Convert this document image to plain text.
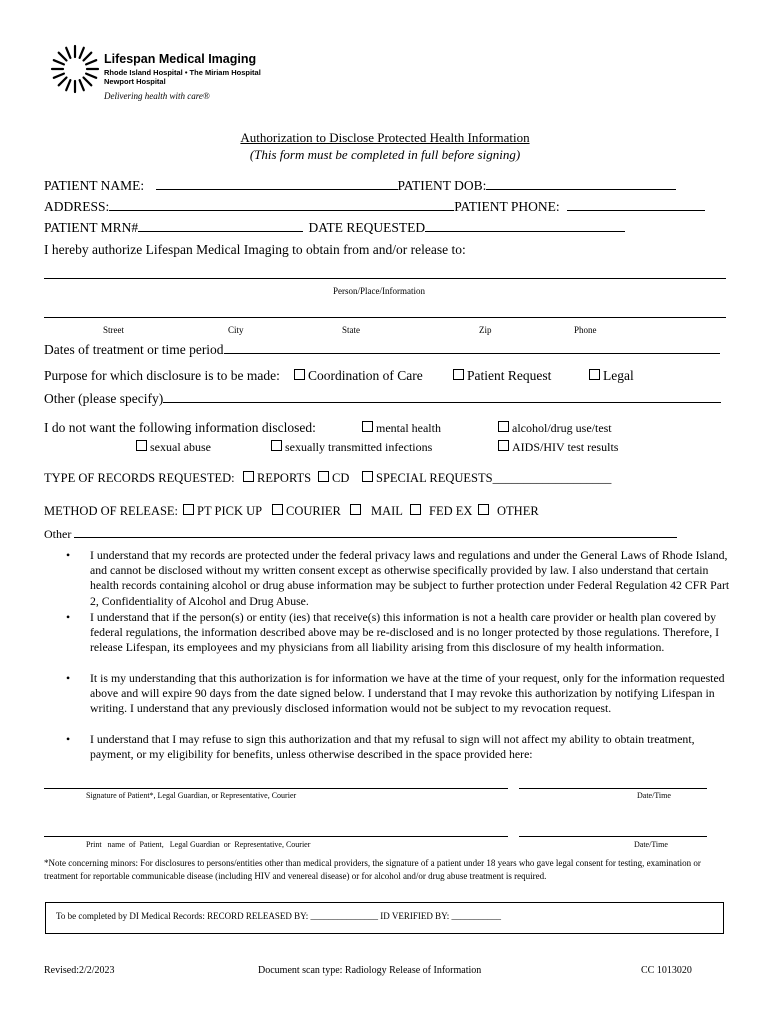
Lifespan Medical Imaging
Rhode Island Hospital • The Miriam Hospital
Newport Hospital
Delivering health with care®
Authorization to Disclose Protected Health Information
(This form must be completed in full before signing)
PATIENT NAME:	PATIENT DOB:
ADDRESS:	PATIENT PHONE:
PATIENT MRN#	DATE REQUESTED
I hereby authorize Lifespan Medical Imaging to obtain from and/or release to:
Person/Place/Information
Street	City	State	Zip	Phone
Dates of treatment or time period
Purpose for which disclosure is to be made:	Coordination of Care	Patient Request	Legal
Other (please specify)
I do not want the following information disclosed:	mental health	alcohol/drug use/test
sexual abuse	sexually transmitted infections	AIDS/HIV test results
TYPE OF RECORDS REQUESTED:	REPORTS	CD	SPECIAL REQUESTS___________________
METHOD OF RELEASE:	PT PICK UP	COURIER	MAIL	FED EX	OTHER
Other
• I understand that my records are protected under the federal privacy laws and regulations and under the General Laws of Rhode Island, and cannot be disclosed without my written consent except as otherwise specifically provided by law. I also understand that certain health records containing alcohol or drug abuse information may be subject to further protection under Federal Regulation 42 CFR Part 2, Confidentiality of Alcohol and Drug Abuse.
• I understand that if the person(s) or entity (ies) that receive(s) this information is not a health care provider or health plan covered by federal regulations, the information described above may be re-disclosed and is no longer protected by those regulations. Therefore, I release Lifespan, its employees and my physicians from all liability arising from this disclosure of my health information.
• It is my understanding that this authorization is for information we have at the time of your request, only for the information requested above and will expire 90 days from the date signed below. I understand that I may revoke this authorization by notifying Lifespan in writing. I understand that any previously disclosed information would not be subject to my revocation request.
• I understand that I may refuse to sign this authorization and that my refusal to sign will not affect my ability to obtain treatment, payment, or my eligibility for benefits, unless otherwise described in the space provided here:
Signature of Patient*, Legal Guardian, or Representative, Courier	Date/Time
Print   name  of  Patient,   Legal Guardian  or  Representative, Courier	Date/Time
*Note concerning minors: For disclosures to persons/entities other than medical providers, the signature of a patient under 18 years who gave legal consent for testing, examination or treatment for reportable communicable disease (including HIV and venereal disease) or for alcohol and/or drug abuse treatment is required.
To be completed by DI Medical Records: RECORD RELEASED BY: _______________ ID VERIFIED BY: ___________
Revised:2/2/2023	Document scan type: Radiology Release of Information	CC 1013020
